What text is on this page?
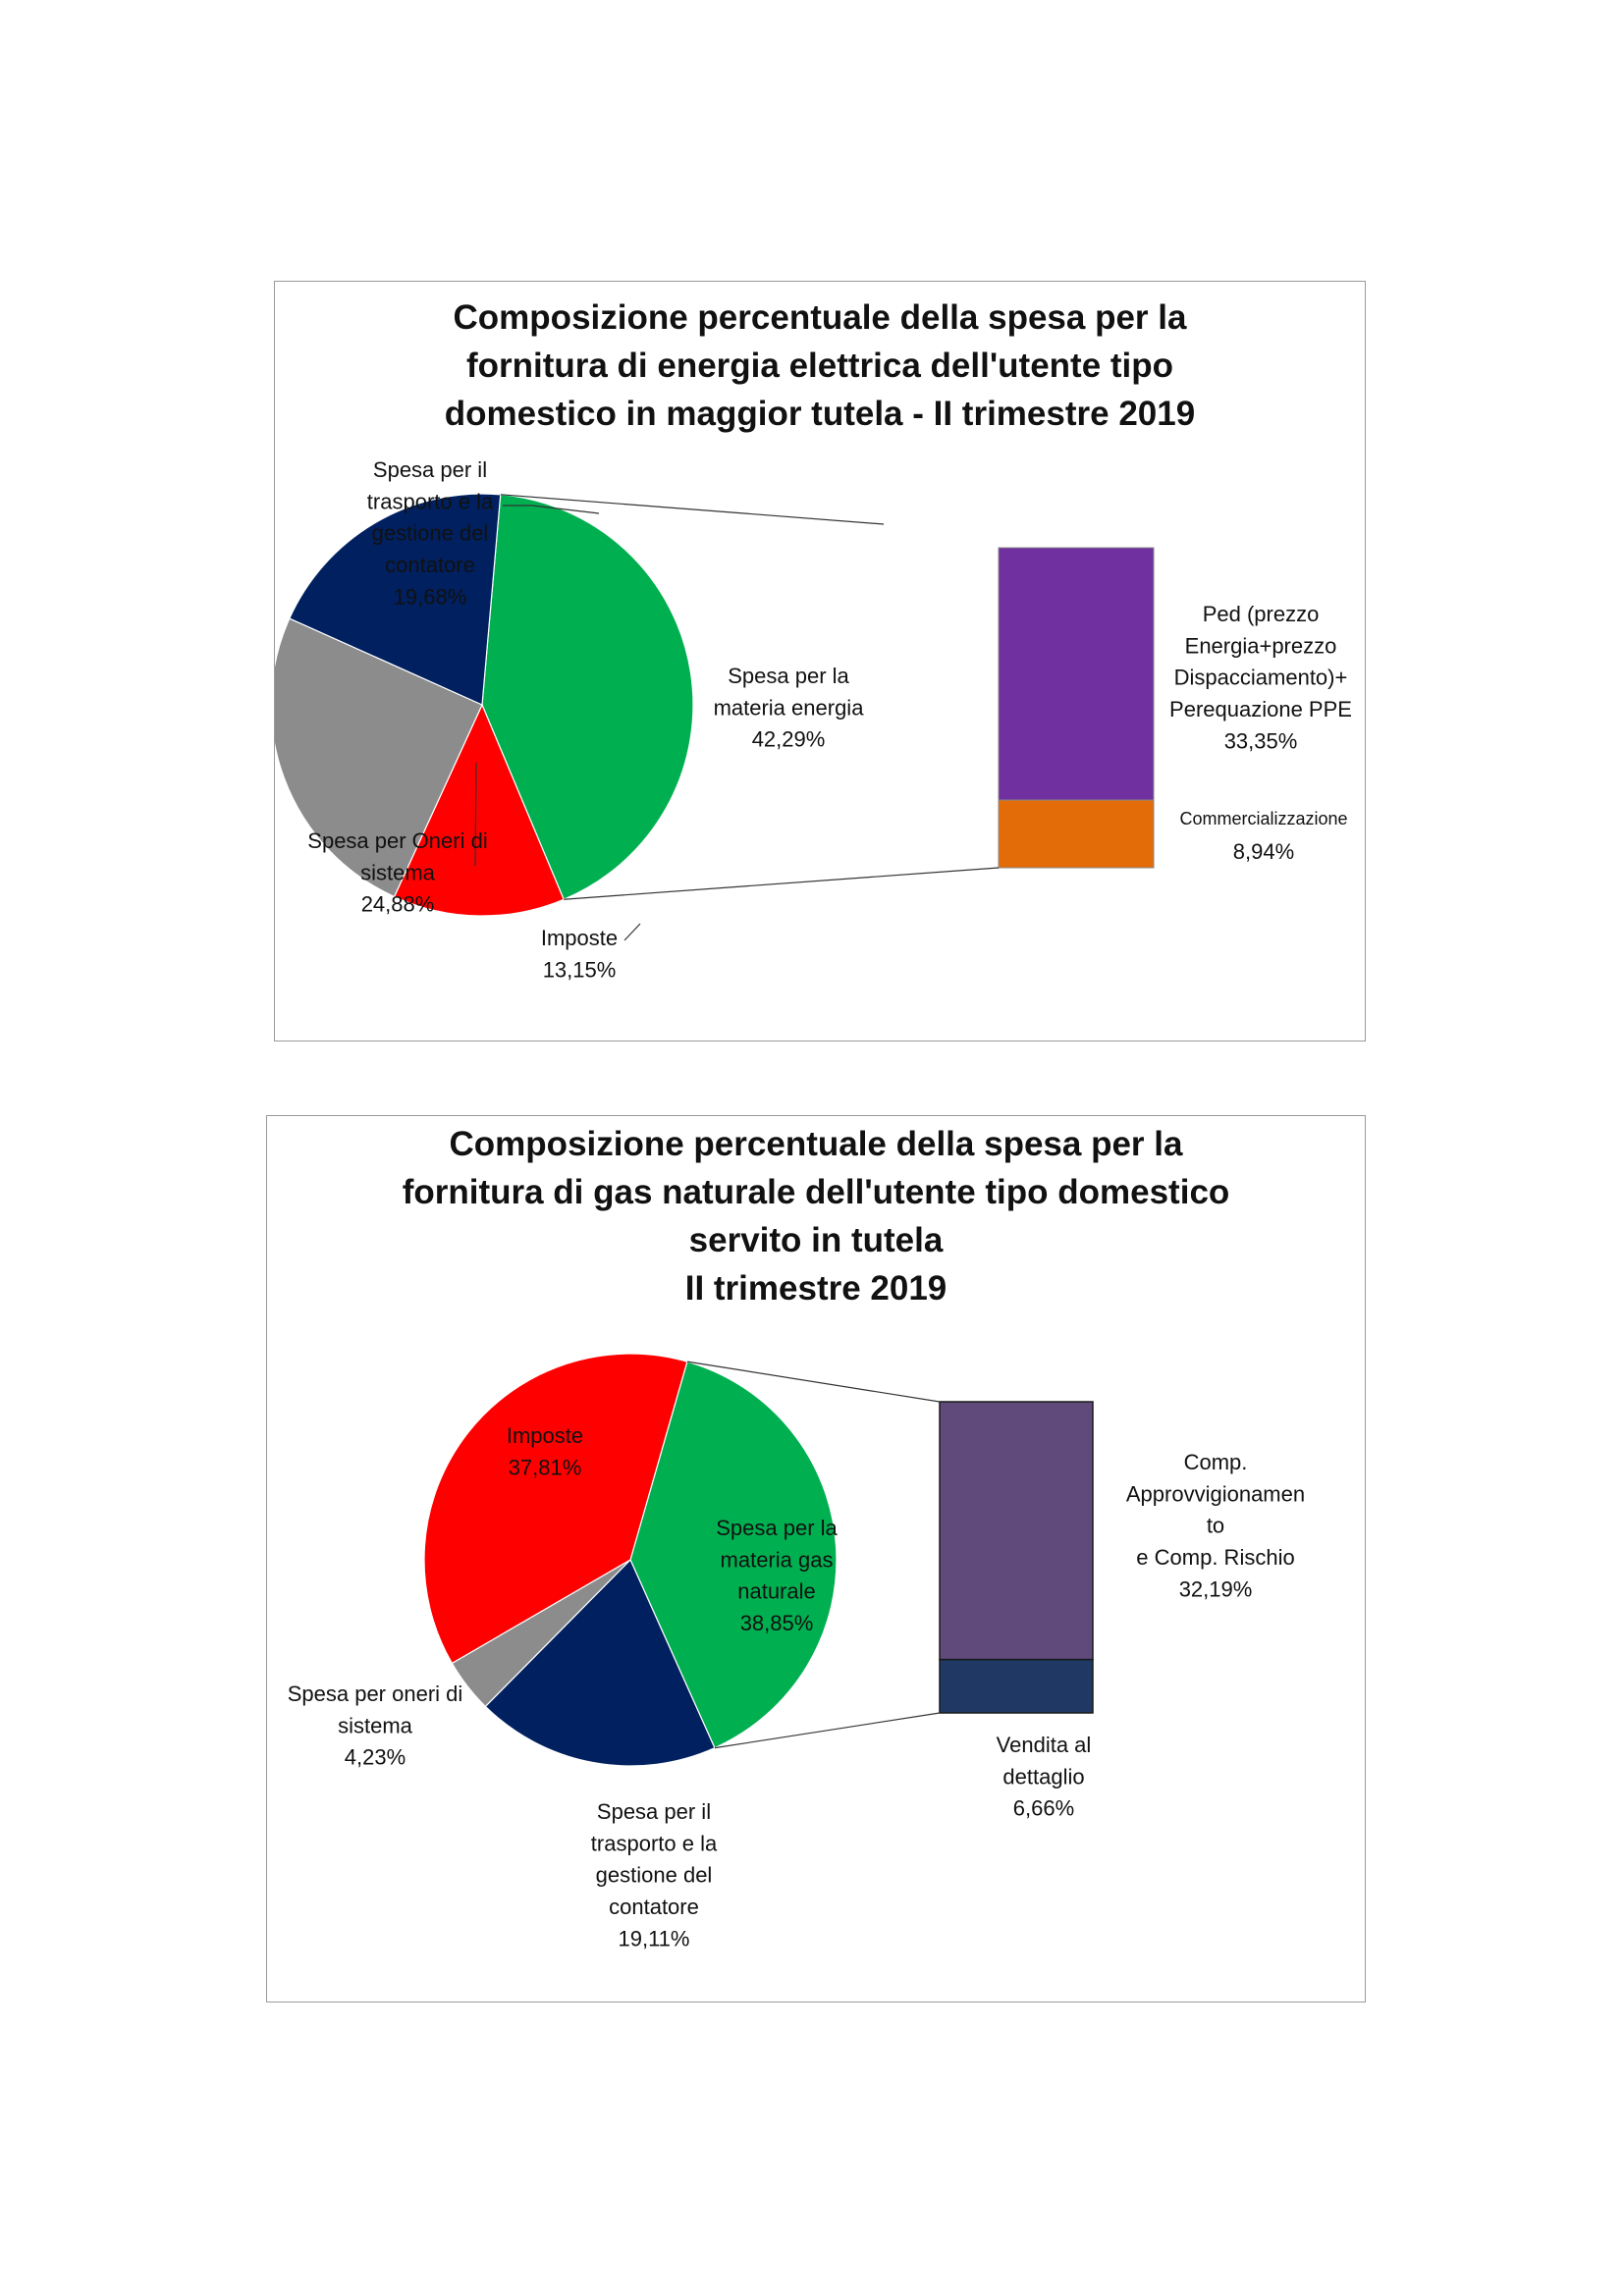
Composizione percentuale della spesa per la
fornitura di energia elettrica dell'utente tipo
domestico in maggior tutela - II trimestre 2019
Spesa per la materia energia 42,29%
Imposte 13,15%
Spesa per Oneri di sistema 24,88%
Spesa per il trasporto e la gestione del contatore 19,68%
Ped (prezzo Energia+prezzo Dispacciamento)+ Perequazione PPE 33,35%
Commercializzazione
8,94%
Composizione percentuale della spesa per la
fornitura di gas naturale dell'utente tipo domestico
servito in tutela
II trimestre 2019
Spesa per la materia gas naturale 38,85%
Spesa per il trasporto e la gestione del contatore 19,11%
Spesa per oneri di sistema 4,23%
Imposte 37,81%	Comp. Approvvigionamen to e Comp. Rischio 32,19%
Vendita al dettaglio 6,66%
